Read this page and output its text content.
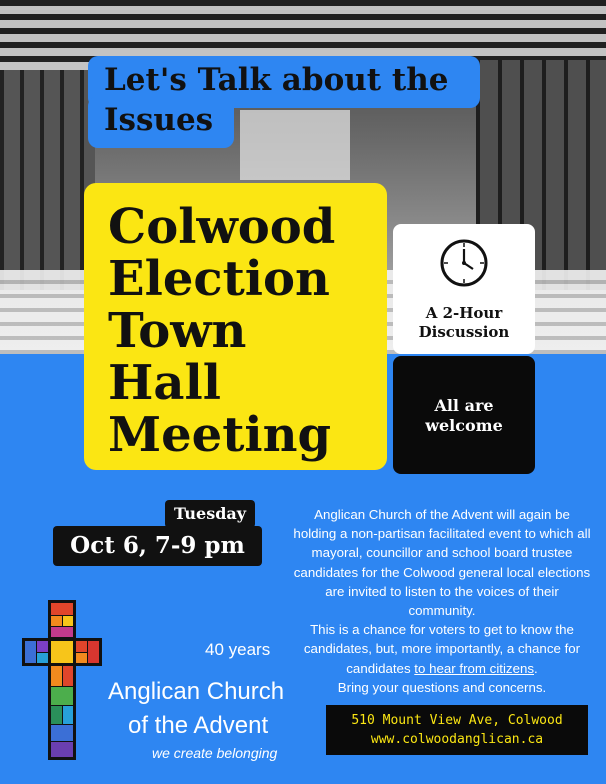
Let's Talk about the
Issues
Colwood
Election
Town
Hall
Meeting
A 2-Hour
Discussion
All are
welcome
Tuesday
Oct 6, 7-9 pm

Anglican Church of the Advent will again be holding a non-partisan facilitated event to which all mayoral, councillor and school board trustee candidates for the Colwood general local elections are invited to listen to the voices of their community.

This is a chance for voters to get to know the candidates, but, more importantly, a chance for candidates to hear from citizens.

Bring your questions and concerns.

40 years
Anglican Church
of the Advent
we create belonging
510 Mount View Ave, Colwood
www.colwoodanglican.ca
